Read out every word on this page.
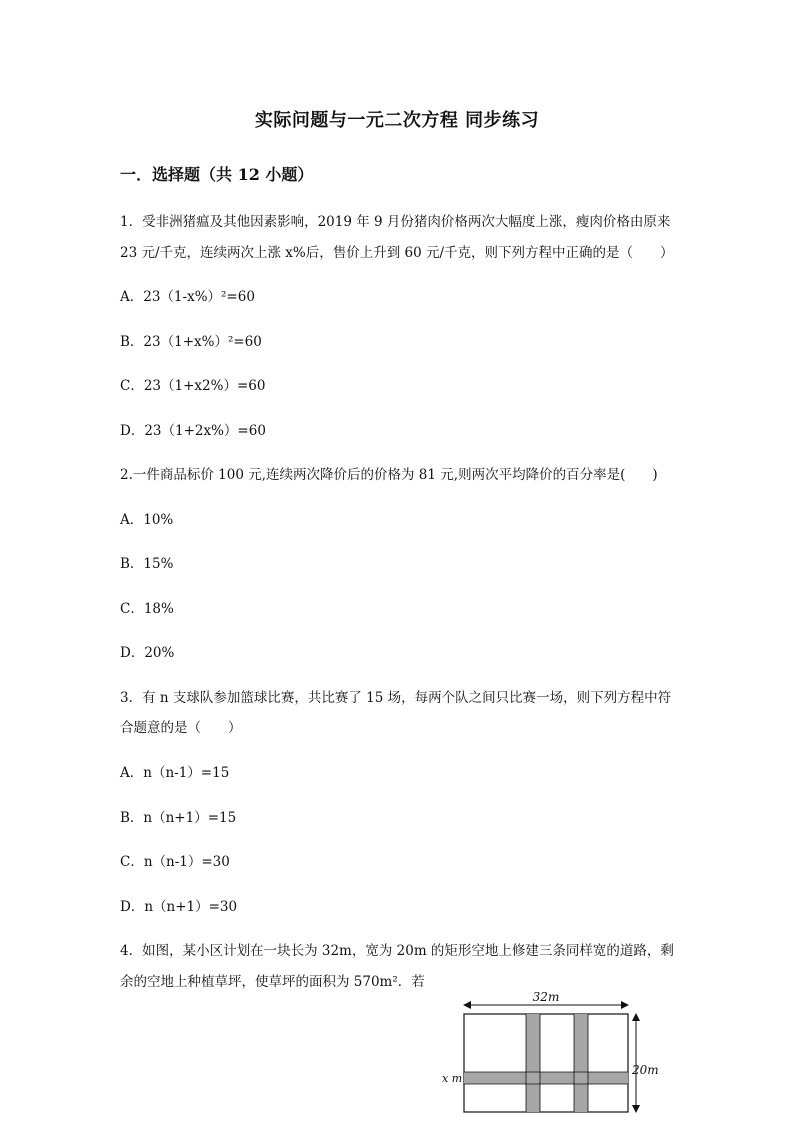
实际问题与一元二次方程 同步练习
一．选择题（共 12 小题）
1．受非洲猪瘟及其他因素影响，2019 年 9 月份猪肉价格两次大幅度上涨，瘦肉价格由原来
23 元/千克，连续两次上涨 x%后，售价上升到 60 元/千克，则下列方程中正确的是（　　）
A．23（1-x%）²=60
B．23（1+x%）²=60
C．23（1+x2%）=60
D．23（1+2x%）=60
2.一件商品标价 100 元,连续两次降价后的价格为 81 元,则两次平均降价的百分率是(　　)
A．10%
B．15%
C．18%
D．20%
3．有 n 支球队参加篮球比赛，共比赛了 15 场，每两个队之间只比赛一场，则下列方程中符
合题意的是（　　）
A．n（n-1）=15
B．n（n+1）=15
C．n（n-1）=30
D．n（n+1）=30
4．如图，某小区计划在一块长为 32m，宽为 20m 的矩形空地上修建三条同样宽的道路，剩
余的空地上种植草坪，使草坪的面积为 570m²．若
32m
20m
x m
